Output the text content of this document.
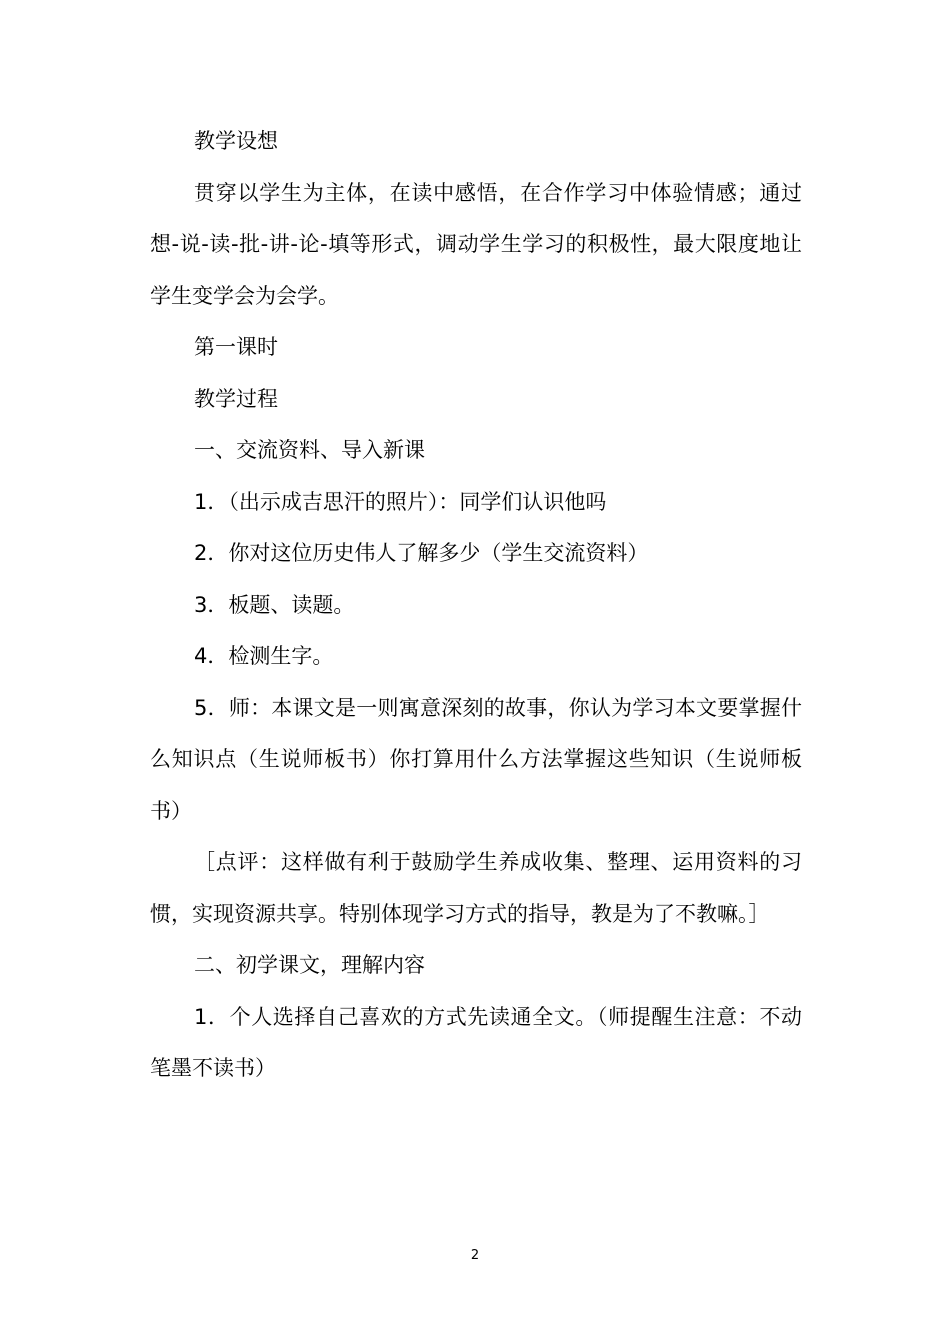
教学设想

贯穿以学生为主体，在读中感悟，在合作学习中体验情感；通过想-说-读-批-讲-论-填等形式，调动学生学习的积极性，最大限度地让学生变学会为会学。

第一课时

教学过程

一、交流资料、导入新课

1．（出示成吉思汗的照片）：同学们认识他吗

2．你对这位历史伟人了解多少（学生交流资料）

3．板题、读题。

4．检测生字。

5．师：本课文是一则寓意深刻的故事，你认为学习本文要掌握什么知识点（生说师板书）你打算用什么方法掌握这些知识（生说师板书）

［点评：这样做有利于鼓励学生养成收集、整理、运用资料的习惯，实现资源共享。特别体现学习方式的指导，教是为了不教嘛。］

二、初学课文，理解内容

1．个人选择自己喜欢的方式先读通全文。（师提醒生注意：不动笔墨不读书）

2
